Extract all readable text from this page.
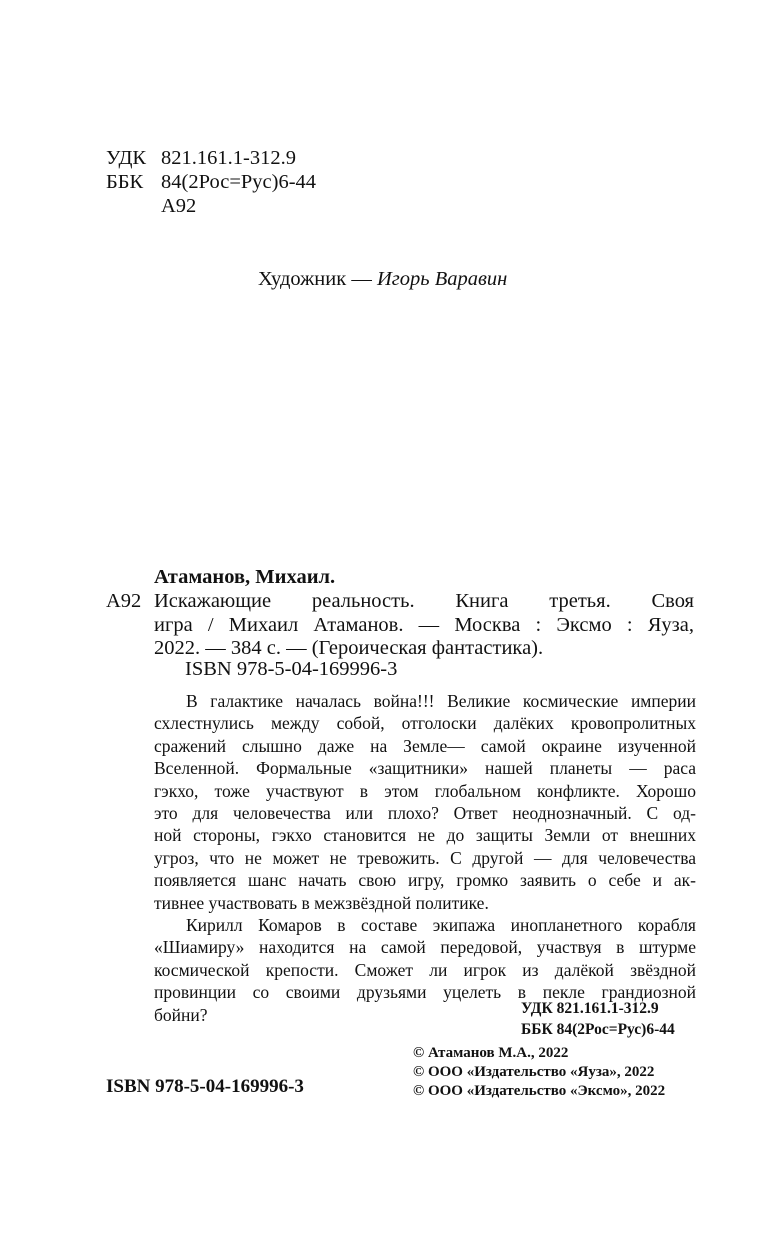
УДК 821.161.1-312.9
ББК 84(2Рос=Рус)6-44
А92
Художник — Игорь Варавин
Атаманов, Михаил.
А92 Искажающие реальность. Книга третья. Своя
игра / Михаил Атаманов. — Москва : Эксмо : Яуза,
2022. — 384 с. — (Героическая фантастика).
ISBN 978-5-04-169996-3
В галактике началась война!!! Великие космические империи
схлестнулись между собой, отголоски далёких кровопролитных
сражений слышно даже на Земле— самой окраине изученной
Вселенной. Формальные «защитники» нашей планеты — раса
гэкхо, тоже участвуют в этом глобальном конфликте. Хорошо
это для человечества или плохо? Ответ неоднозначный. С од-
ной стороны, гэкхо становится не до защиты Земли от внешних
угроз, что не может не тревожить. С другой — для человечества
появляется шанс начать свою игру, громко заявить о себе и ак-
тивнее участвовать в межзвёздной политике.
Кирилл Комаров в составе экипажа инопланетного корабля
«Шиамиру» находится на самой передовой, участвуя в штурме
космической крепости. Сможет ли игрок из далёкой звёздной
провинции со своими друзьями уцелеть в пекле грандиозной
бойни?	УДК 821.161.1-312.9
ББК 84(2Рос=Рус)6-44
ISBN 978-5-04-169996-3
© Атаманов М.А., 2022
© ООО «Издательство «Яуза», 2022
© ООО «Издательство «Эксмо», 2022
